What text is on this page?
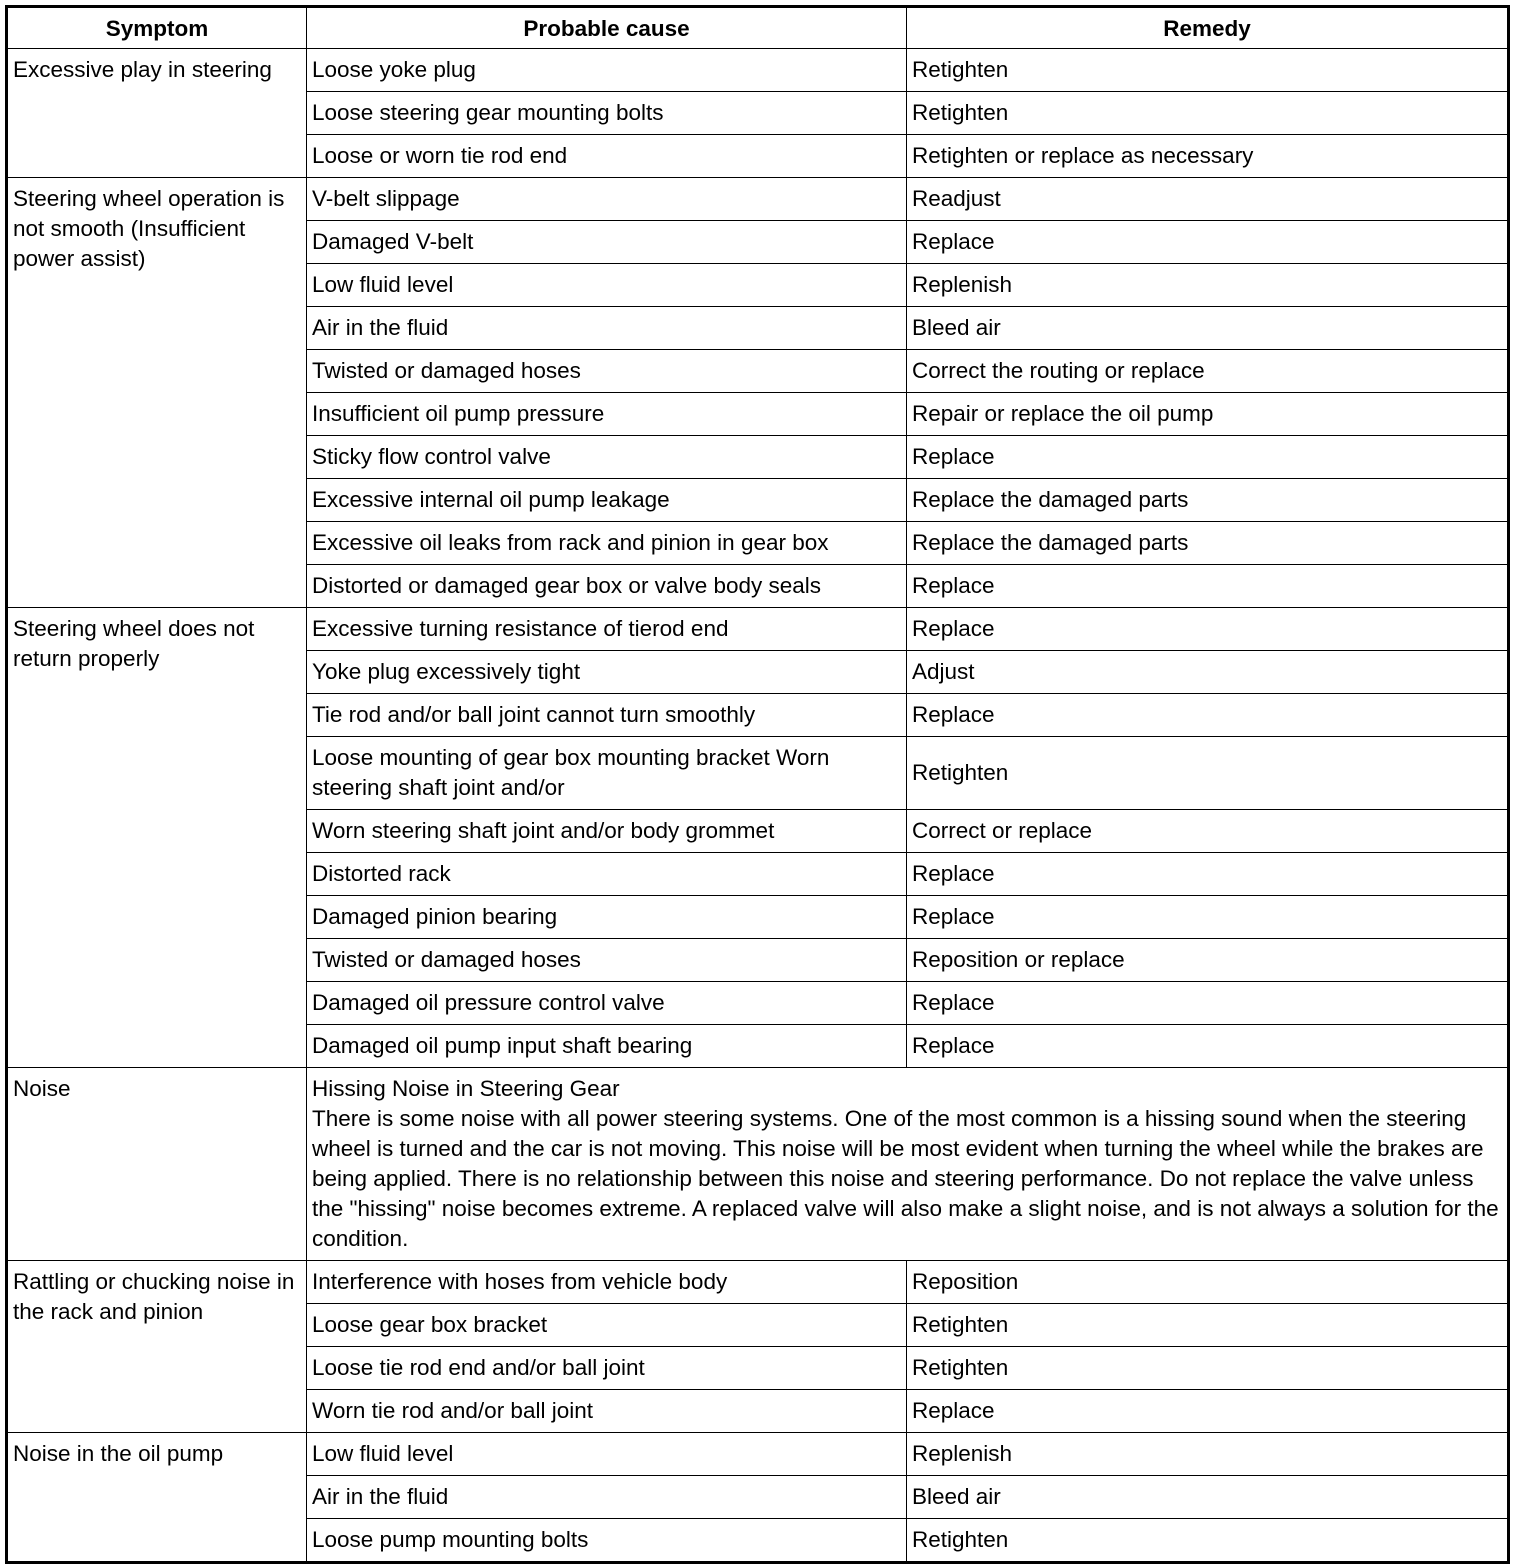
Symptom	Probable cause	Remedy
Excessive play in steering	Loose yoke plug	Retighten
	Loose steering gear mounting bolts	Retighten
	Loose or worn tie rod end	Retighten or replace as necessary
Steering wheel operation is not smooth (Insufficient power assist)	V-belt slippage	Readjust
	Damaged V-belt	Replace
	Low fluid level	Replenish
	Air in the fluid	Bleed air
	Twisted or damaged hoses	Correct the routing or replace
	Insufficient oil pump pressure	Repair or replace the oil pump
	Sticky flow control valve	Replace
	Excessive internal oil pump leakage	Replace the damaged parts
	Excessive oil leaks from rack and pinion in gear box	Replace the damaged parts
	Distorted or damaged gear box or valve body seals	Replace
Steering wheel does not return properly	Excessive turning resistance of tierod end	Replace
	Yoke plug excessively tight	Adjust
	Tie rod and/or ball joint cannot turn smoothly	Replace
	Loose mounting of gear box mounting bracket Worn steering shaft joint and/or	Retighten
	Worn steering shaft joint and/or body grommet	Correct or replace
	Distorted rack	Replace
	Damaged pinion bearing	Replace
	Twisted or damaged hoses	Reposition or replace
	Damaged oil pressure control valve	Replace
	Damaged oil pump input shaft bearing	Replace
Noise	Hissing Noise in Steering Gear
There is some noise with all power steering systems. One of the most common is a hissing sound when the steering wheel is turned and the car is not moving. This noise will be most evident when turning the wheel while the brakes are being applied. There is no relationship between this noise and steering performance. Do not replace the valve unless the "hissing" noise becomes extreme. A replaced valve will also make a slight noise, and is not always a solution for the condition.	

Rattling or chucking noise in the rack and pinion	Interference with hoses from vehicle body	Reposition
	Loose gear box bracket	Retighten
	Loose tie rod end and/or ball joint	Retighten
	Worn tie rod and/or ball joint	Replace
Noise in the oil pump	Low fluid level	Replenish
	Air in the fluid	Bleed air
	Loose pump mounting bolts	Retighten
